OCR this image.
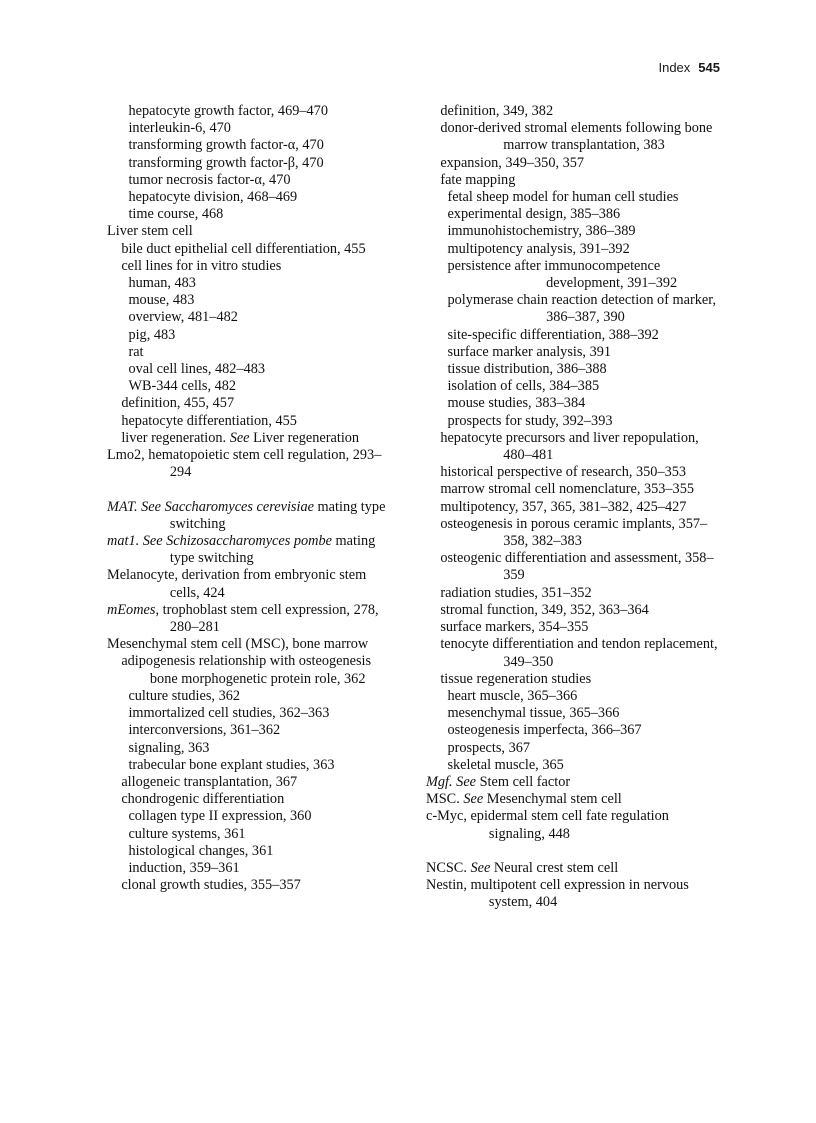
Index 545

hepatocyte growth factor, 469–470

interleukin-6, 470

transforming growth factor-α, 470

transforming growth factor-β, 470

tumor necrosis factor-α, 470

hepatocyte division, 468–469

time course, 468

Liver stem cell

bile duct epithelial cell differentiation, 455

cell lines for in vitro studies

human, 483

mouse, 483

overview, 481–482

pig, 483

rat

oval cell lines, 482–483

WB-344 cells, 482

definition, 455, 457

hepatocyte differentiation, 455

liver regeneration. See Liver regeneration

Lmo2, hematopoietic stem cell regulation, 293–294

MAT. See Saccharomyces cerevisiae mating type switching

mat1. See Schizosaccharomyces pombe mating type switching

Melanocyte, derivation from embryonic stem cells, 424

mEomes, trophoblast stem cell expression, 278, 280–281

Mesenchymal stem cell (MSC), bone marrow

adipogenesis relationship with osteogenesis

bone morphogenetic protein role, 362

culture studies, 362

immortalized cell studies, 362–363

interconversions, 361–362

signaling, 363

trabecular bone explant studies, 363

allogeneic transplantation, 367

chondrogenic differentiation

collagen type II expression, 360

culture systems, 361

histological changes, 361

induction, 359–361

clonal growth studies, 355–357

definition, 349, 382

donor-derived stromal elements following bone marrow transplantation, 383

expansion, 349–350, 357

fate mapping

fetal sheep model for human cell studies

experimental design, 385–386

immunohistochemistry, 386–389

multipotency analysis, 391–392

persistence after immunocompetence development, 391–392

polymerase chain reaction detection of marker, 386–387, 390

site-specific differentiation, 388–392

surface marker analysis, 391

tissue distribution, 386–388

isolation of cells, 384–385

mouse studies, 383–384

prospects for study, 392–393

hepatocyte precursors and liver repopulation, 480–481

historical perspective of research, 350–353

marrow stromal cell nomenclature, 353–355

multipotency, 357, 365, 381–382, 425–427

osteogenesis in porous ceramic implants, 357–358, 382–383

osteogenic differentiation and assessment, 358–359

radiation studies, 351–352

stromal function, 349, 352, 363–364

surface markers, 354–355

tenocyte differentiation and tendon replacement, 349–350

tissue regeneration studies

heart muscle, 365–366

mesenchymal tissue, 365–366

osteogenesis imperfecta, 366–367

prospects, 367

skeletal muscle, 365

Mgf. See Stem cell factor

MSC. See Mesenchymal stem cell

c-Myc, epidermal stem cell fate regulation signaling, 448

NCSC. See Neural crest stem cell

Nestin, multipotent cell expression in nervous system, 404
